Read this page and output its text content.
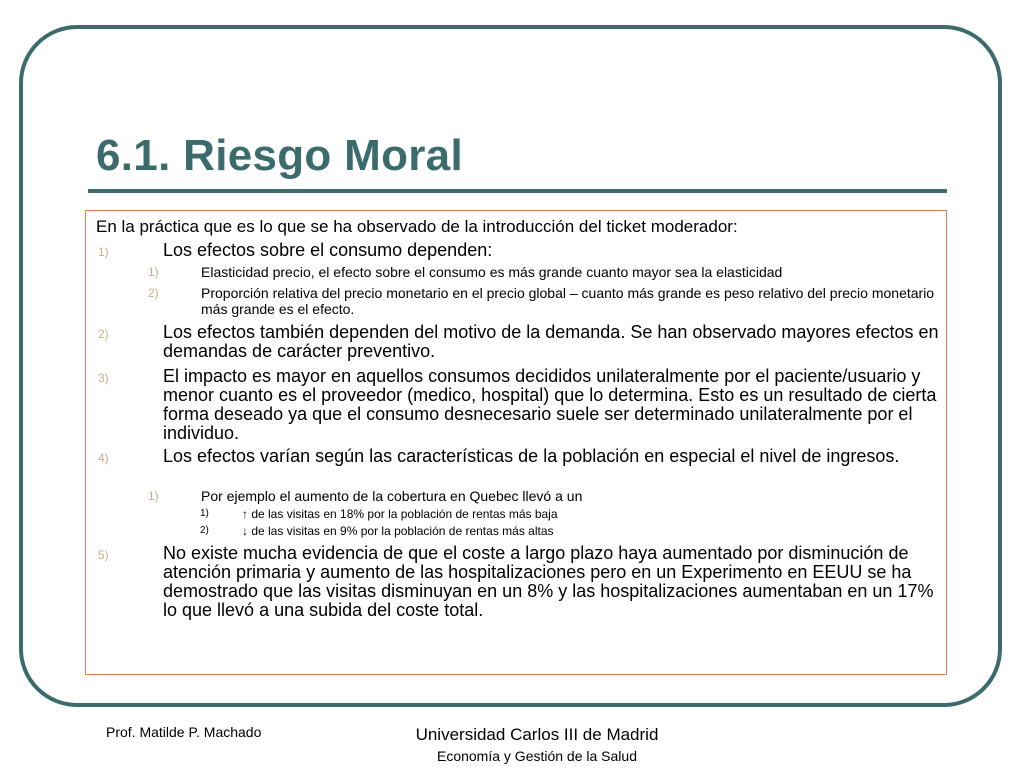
6.1. Riesgo Moral
En la práctica que es lo que se ha observado de la introducción del ticket moderador:
1)	Los efectos sobre el consumo dependen:
1)	Elasticidad precio, el efecto sobre el consumo es más grande cuanto mayor sea la elasticidad
2)	Proporción relativa del precio monetario en el precio global – cuanto más grande es peso relativo del precio monetario más grande es el efecto.
2)	Los efectos también dependen del motivo de la demanda. Se han observado mayores efectos en demandas de carácter preventivo.
3)	El impacto es mayor en aquellos consumos decididos unilateralmente por el paciente/usuario y menor cuanto es el proveedor (medico, hospital) que lo determina. Esto es un resultado de cierta forma deseado ya que el consumo desnecesario suele ser determinado unilateralmente por el individuo.
4)	Los efectos varían según las características de la población en especial el nivel de ingresos.
1)	Por ejemplo el aumento de la cobertura en Quebec llevó a un
1)	↑ de las visitas en 18% por la población de rentas más baja
2)	↓ de las visitas en 9% por la población de rentas más altas
5)	No existe mucha evidencia de que el coste a largo plazo haya aumentado por disminución de atención primaria y aumento de las hospitalizaciones pero en un Experimento en EEUU se ha demostrado que las visitas disminuyan en un 8% y las hospitalizaciones aumentaban en un 17% lo que llevó a una subida del coste total.
Prof. Matilde P. Machado	Universidad Carlos III de Madrid
Economía y Gestión de la Salud
